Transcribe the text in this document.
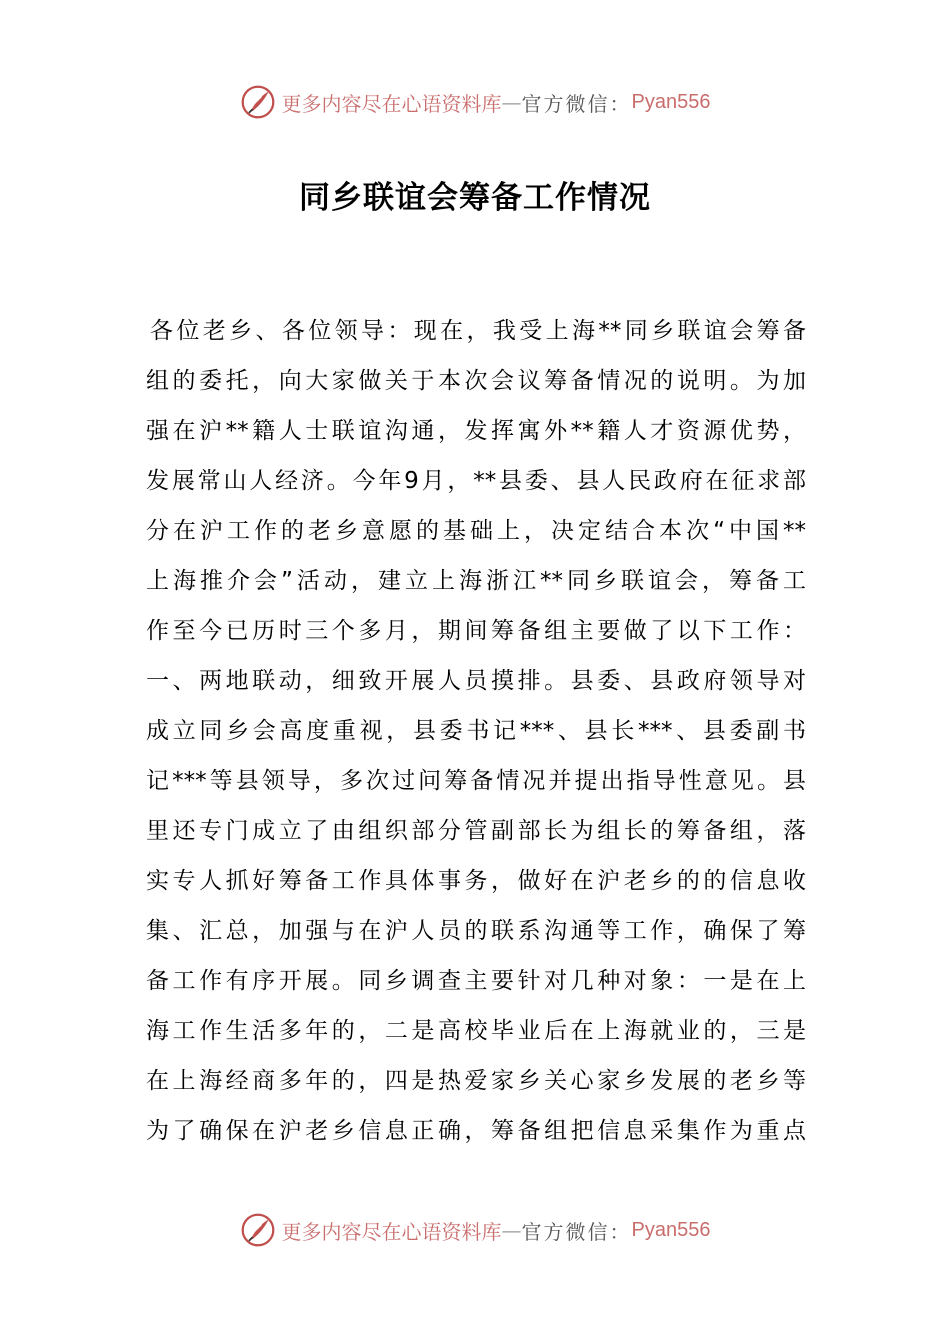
更多内容尽在心语资料库 — 官方微信： Pyan556
同乡联谊会筹备工作情况
各位老乡、各位领导：现在，我受上海**同乡联谊会筹备
组的委托，向大家做关于本次会议筹备情况的说明。为加
强在沪**籍人士联谊沟通，发挥寓外**籍人才资源优势，
发展常山人经济。今年9月，**县委、县人民政府在征求部
分在沪工作的老乡意愿的基础上，决定结合本次“中国**
上海推介会”活动，建立上海浙江**同乡联谊会，筹备工
作至今已历时三个多月，期间筹备组主要做了以下工作：
一、两地联动，细致开展人员摸排。县委、县政府领导对
成立同乡会高度重视，县委书记***、县长***、县委副书
记***等县领导，多次过问筹备情况并提出指导性意见。县
里还专门成立了由组织部分管副部长为组长的筹备组，落
实专人抓好筹备工作具体事务，做好在沪老乡的的信息收
集、汇总，加强与在沪人员的联系沟通等工作，确保了筹
备工作有序开展。同乡调查主要针对几种对象：一是在上
海工作生活多年的，二是高校毕业后在上海就业的，三是
在上海经商多年的，四是热爱家乡关心家乡发展的老乡等
为了确保在沪老乡信息正确，筹备组把信息采集作为重点
更多内容尽在心语资料库 — 官方微信： Pyan556
